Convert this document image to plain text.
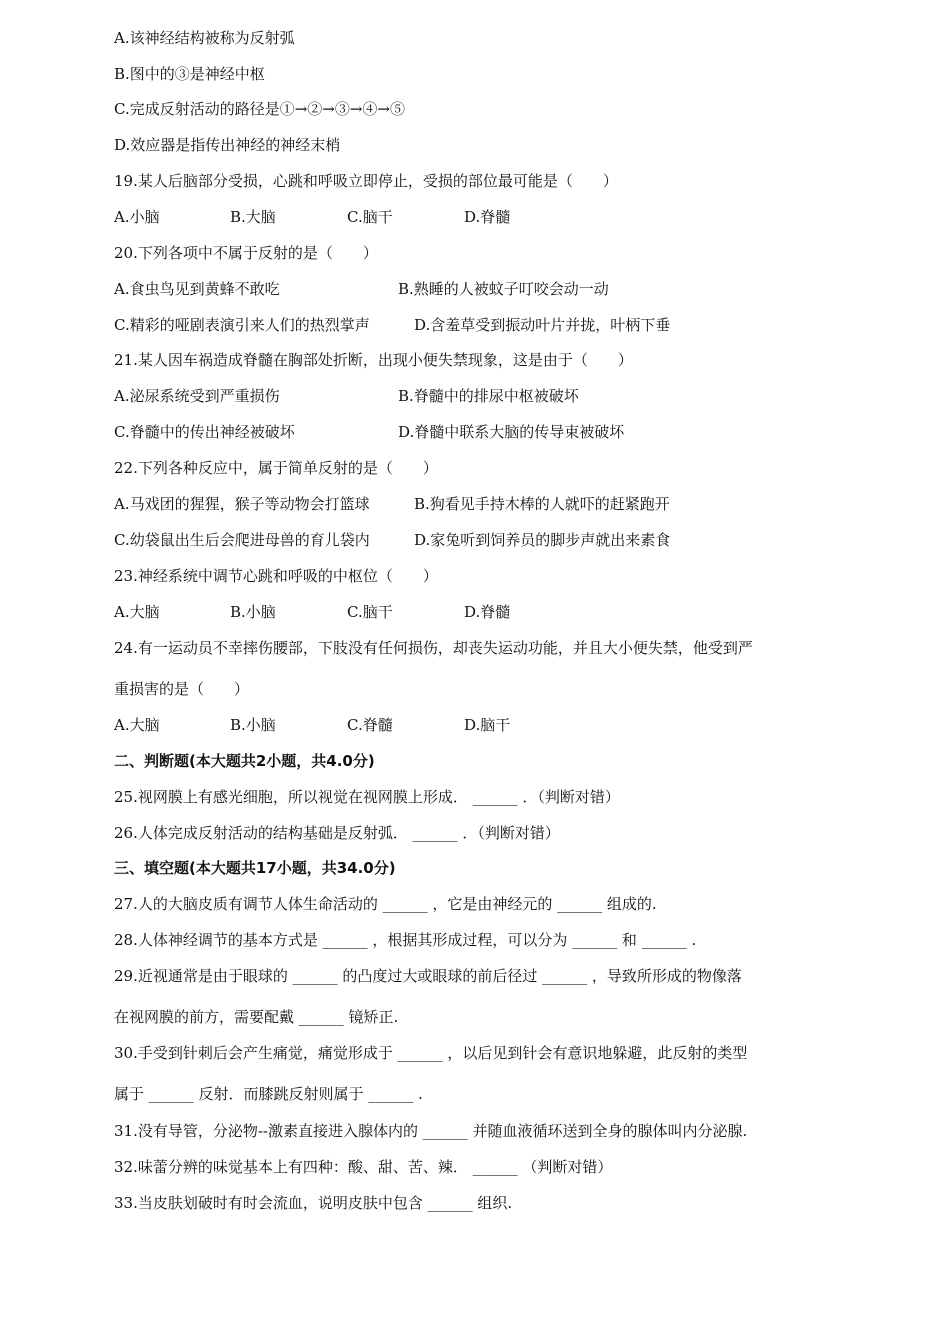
A.该神经结构被称为反射弧
B.图中的③是神经中枢
C.完成反射活动的路径是①→②→③→④→⑤
D.效应器是指传出神经的神经末梢
19.某人后脑部分受损，心跳和呼吸立即停止，受损的部位最可能是（　　）
A.小脑	B.大脑	C.脑干	D.脊髓
20.下列各项中不属于反射的是（　　）
A.食虫鸟见到黄蜂不敢吃	B.熟睡的人被蚊子叮咬会动一动
C.精彩的哑剧表演引来人们的热烈掌声	D.含羞草受到振动叶片并拢，叶柄下垂
21.某人因车祸造成脊髓在胸部处折断，出现小便失禁现象，这是由于（　　）
A.泌尿系统受到严重损伤	B.脊髓中的排尿中枢被破坏
C.脊髓中的传出神经被破坏	D.脊髓中联系大脑的传导束被破坏
22.下列各种反应中，属于简单反射的是（　　）
A.马戏团的猩猩，猴子等动物会打篮球	B.狗看见手持木棒的人就吓的赶紧跑开
C.幼袋鼠出生后会爬进母兽的育儿袋内	D.家兔听到饲养员的脚步声就出来素食
23.神经系统中调节心跳和呼吸的中枢位（　　）
A.大脑	B.小脑	C.脑干	D.脊髓
24.有一运动员不幸摔伤腰部，下肢没有任何损伤，却丧失运动功能，并且大小便失禁，他受到严
重损害的是（　　）
A.大脑	B.小脑	C.脊髓	D.脑干
二、判断题(本大题共2小题，共4.0分)
25.视网膜上有感光细胞，所以视觉在视网膜上形成． ______ ．（判断对错）
26.人体完成反射活动的结构基础是反射弧． ______ ．（判断对错）
三、填空题(本大题共17小题，共34.0分)
27.人的大脑皮质有调节人体生命活动的 ______ ，它是由神经元的 ______ 组成的.
28.人体神经调节的基本方式是 ______ ，根据其形成过程，可以分为 ______ 和 ______ .
29.近视通常是由于眼球的 ______ 的凸度过大或眼球的前后径过 ______ ，导致所形成的物像落
在视网膜的前方，需要配戴 ______ 镜矫正.
30.手受到针刺后会产生痛觉，痛觉形成于 ______ ，以后见到针会有意识地躲避，此反射的类型
属于 ______ 反射．而膝跳反射则属于 ______ .
31.没有导管，分泌物--激素直接进入腺体内的 ______ 并随血液循环送到全身的腺体叫内分泌腺.
32.味蕾分辨的味觉基本上有四种：酸、甜、苦、辣． ______ （判断对错）
33.当皮肤划破时有时会流血，说明皮肤中包含 ______ 组织.
